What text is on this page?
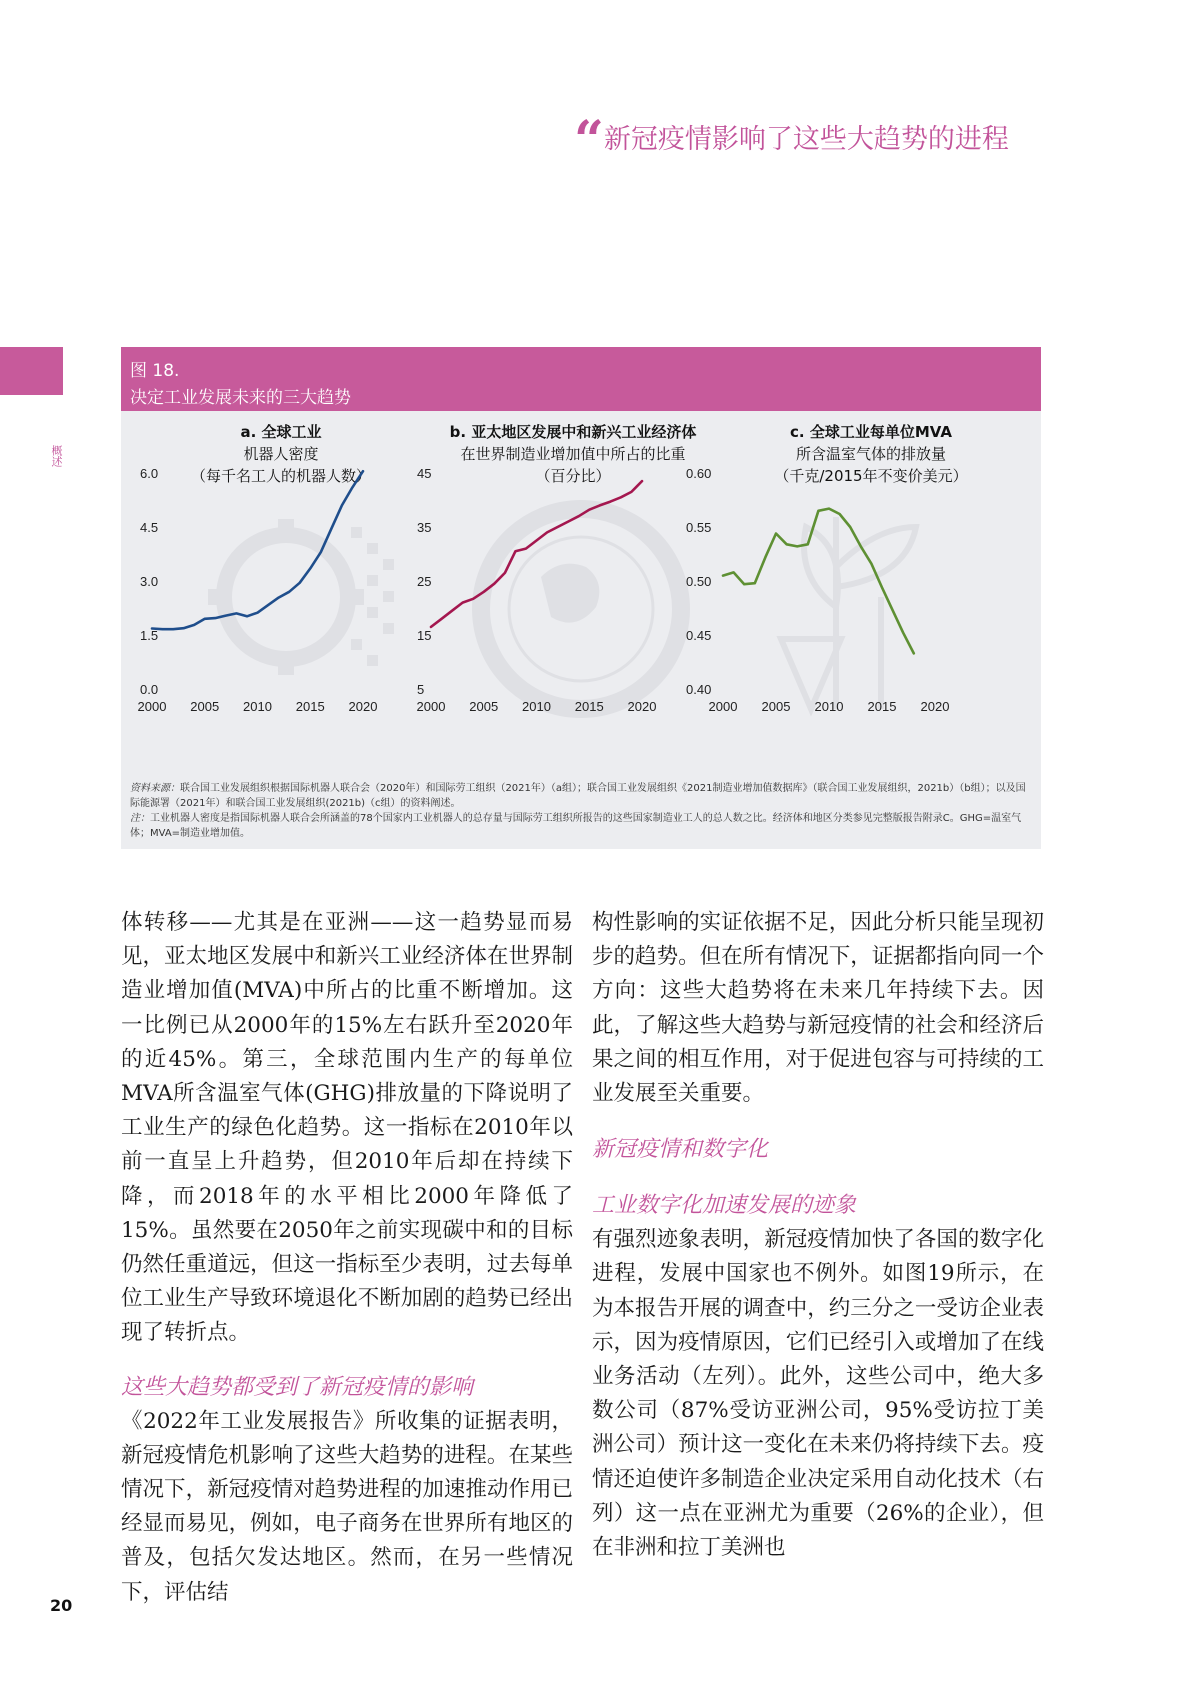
“ 新冠疫情影响了这些大趋势的进程
概述
图 18.
决定工业发展未来的三大趋势
a. 全球工业
机器人密度
（每千名工人的机器人数）
b. 亚太地区发展中和新兴工业经济体
在世界制造业增加值中所占的比重
（百分比）
c. 全球工业每单位MVA
所含温室气体的排放量
（千克/2015年不变价美元）
0.0
1.5
3.0
4.5
6.0
2000 2005 2010 2015 2020
5
15
25
35
45
2000 2005 2010 2015 2020
0.40
0.45
0.50
0.55
0.60
2000 2005 2010 2015 2020
资料来源：联合国工业发展组织根据国际机器人联合会（2020年）和国际劳工组织（2021年）（a组）；联合国工业发展组织《2021制造业增加值数据库》（联合国工业发展组织，2021b）（b组）；以及国际能源署（2021年）和联合国工业发展组织(2021b)（c组）的资料阐述。
注：工业机器人密度是指国际机器人联合会所涵盖的78个国家内工业机器人的总存量与国际劳工组织所报告的这些国家制造业工人的总人数之比。经济体和地区分类参见完整版报告附录C。GHG=温室气体；MVA=制造业增加值。

体转移——尤其是在亚洲——这一趋势显而易见，亚太地区发展中和新兴工业经济体在世界制造业增加值(MVA)中所占的比重不断增加。这一比例已从2000年的15%左右跃升至2020年的近45%。第三，全球范围内生产的每单位MVA所含温室气体(GHG)排放量的下降说明了工业生产的绿色化趋势。这一指标在2010年以前一直呈上升趋势，但2010年后却在持续下降，而2018年的水平相比2000年降低了15%。虽然要在2050年之前实现碳中和的目标仍然任重道远，但这一指标至少表明，过去每单位工业生产导致环境退化不断加剧的趋势已经出现了转折点。

这些大趋势都受到了新冠疫情的影响

《2022年工业发展报告》所收集的证据表明，新冠疫情危机影响了这些大趋势的进程。在某些情况下，新冠疫情对趋势进程的加速推动作用已经显而易见，例如，电子商务在世界所有地区的普及，包括欠发达地区。然而，在另一些情况下，评估结

构性影响的实证依据不足，因此分析只能呈现初步的趋势。但在所有情况下，证据都指向同一个方向：这些大趋势将在未来几年持续下去。因此，了解这些大趋势与新冠疫情的社会和经济后果之间的相互作用，对于促进包容与可持续的工业发展至关重要。

新冠疫情和数字化

工业数字化加速发展的迹象

有强烈迹象表明，新冠疫情加快了各国的数字化进程，发展中国家也不例外。如图19所示，在为本报告开展的调查中，约三分之一受访企业表示，因为疫情原因，它们已经引入或增加了在线业务活动（左列）。此外，这些公司中，绝大多数公司（87%受访亚洲公司，95%受访拉丁美洲公司）预计这一变化在未来仍将持续下去。疫情还迫使许多制造企业决定采用自动化技术（右列）这一点在亚洲尤为重要（26%的企业），但在非洲和拉丁美洲也

20
